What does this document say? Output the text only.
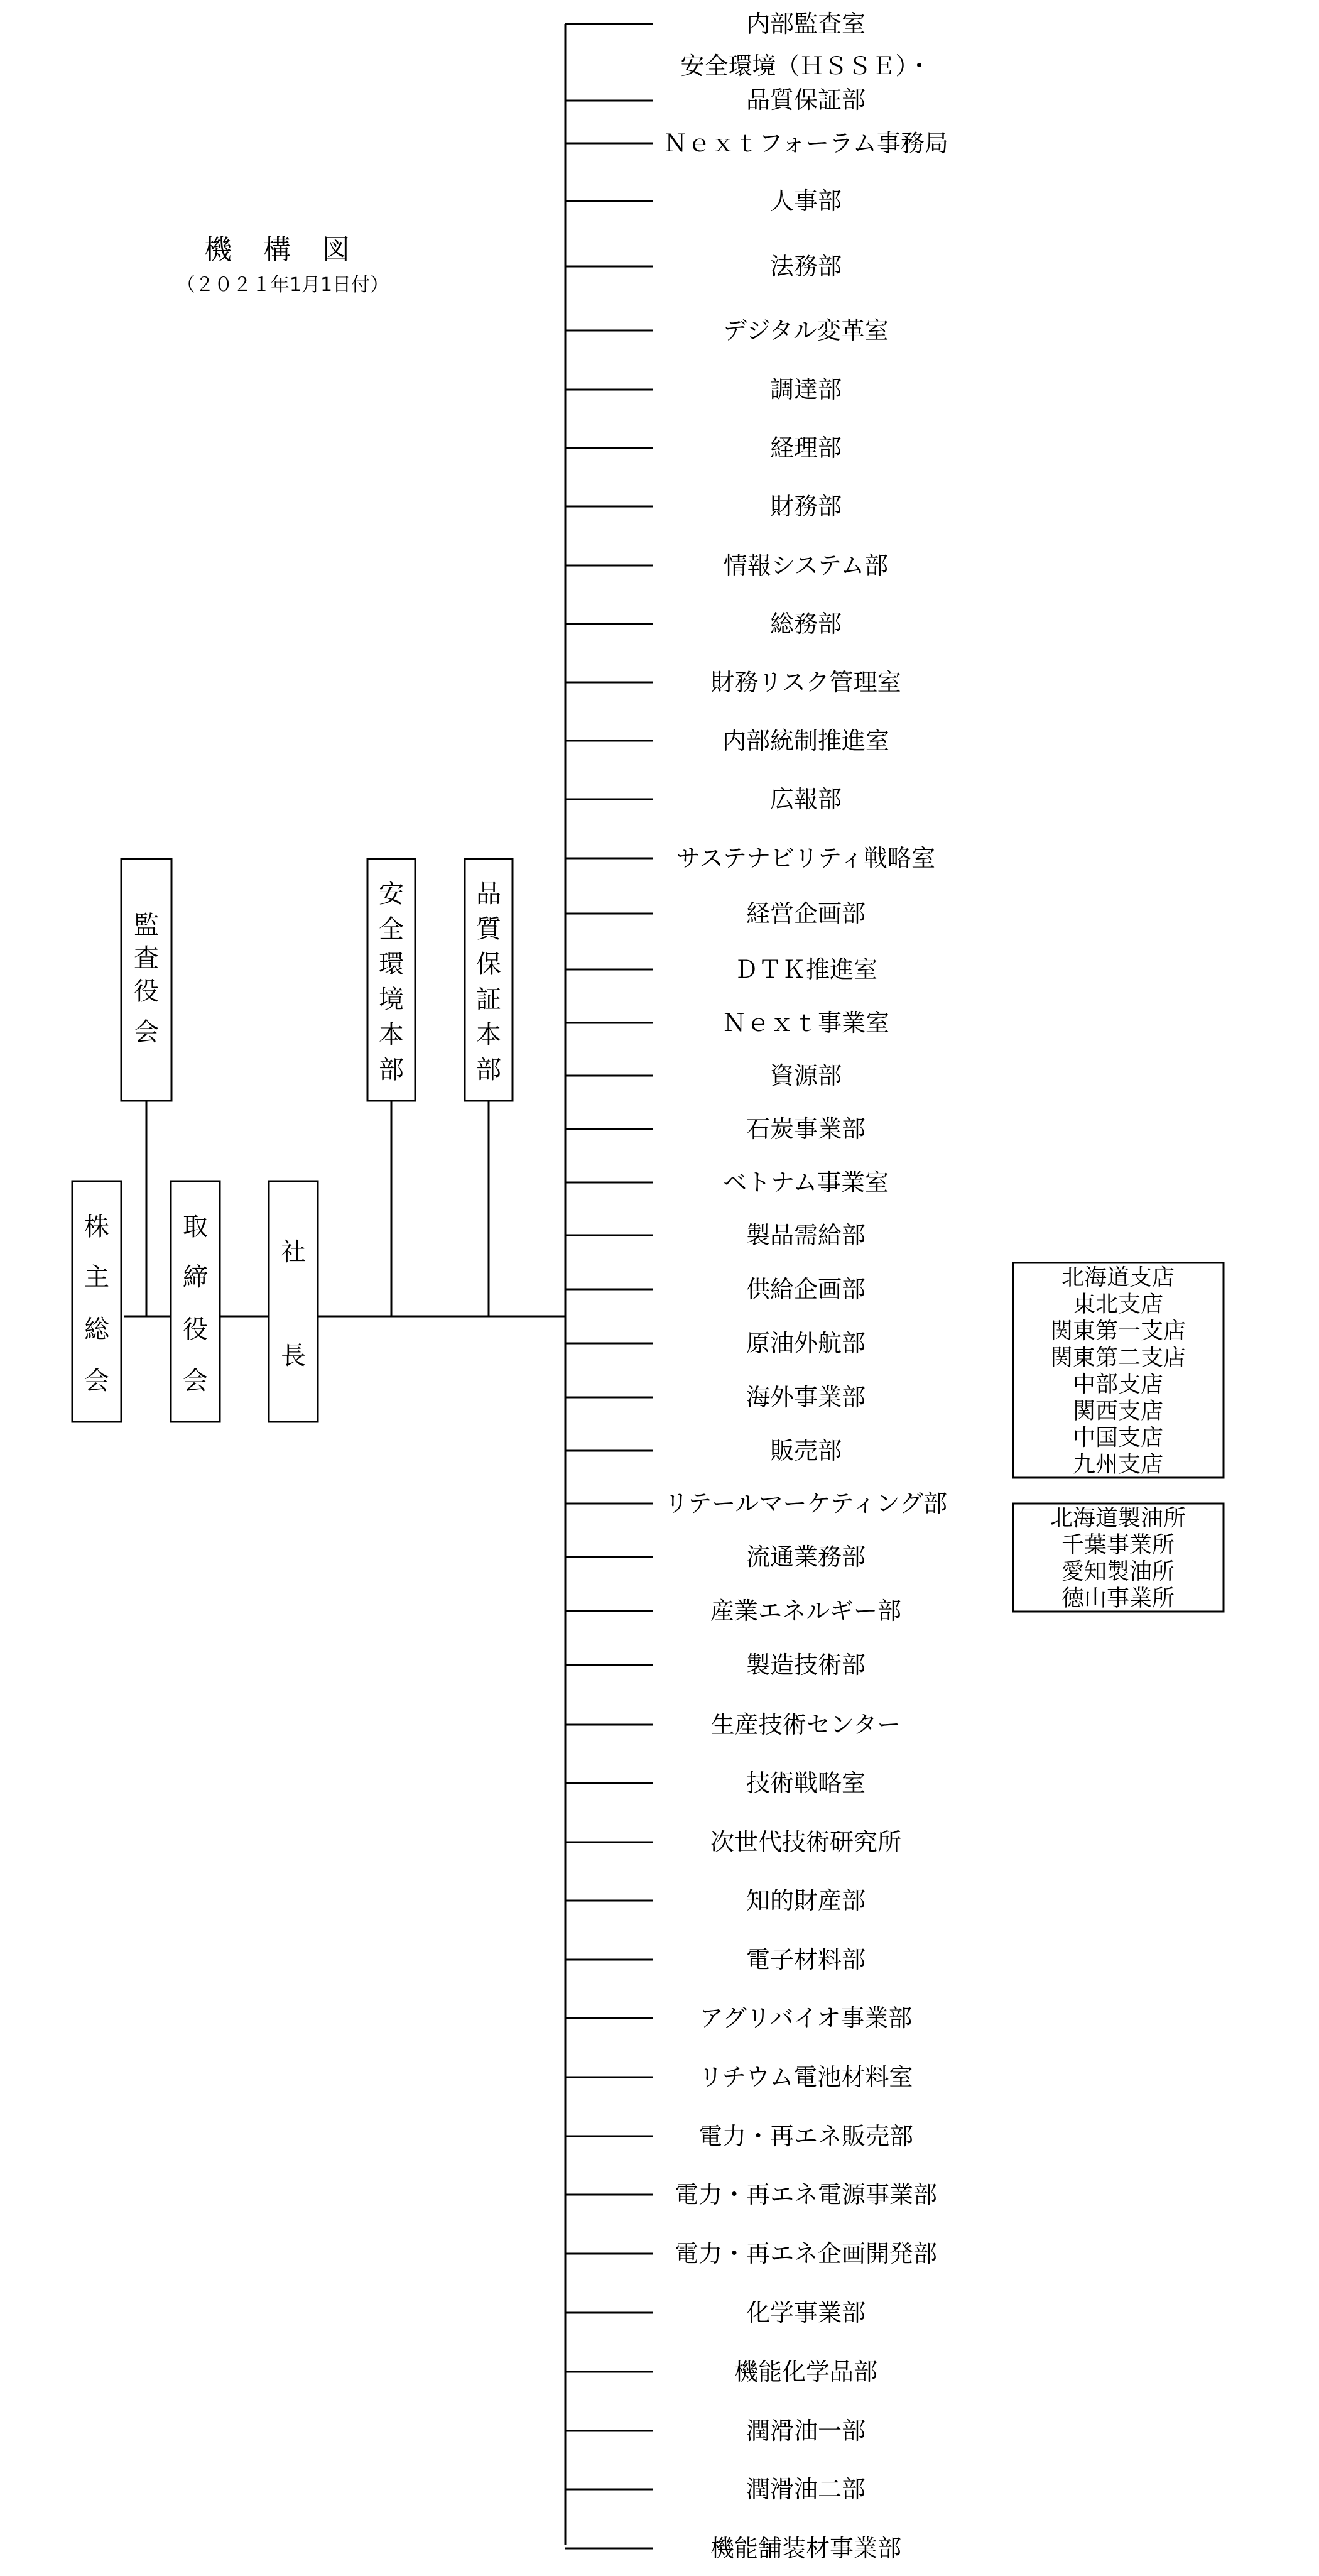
機 構 図
（２０２１年1月1日付）
株
主
総
会
監
査
役
会
取
締
役
会
社
長
安
全
環
境
本
部
品
質
保
証
本
部
内部監査室
安全環境（ＨＳＳＥ）・
品質保証部
Ｎｅｘｔフォーラム事務局
人事部
法務部
デジタル変革室
調達部
経理部
財務部
情報システム部
総務部
財務リスク管理室
内部統制推進室
広報部
サステナビリティ戦略室
経営企画部
ＤＴＫ推進室
Ｎｅｘｔ事業室
資源部
石炭事業部
ベトナム事業室
製品需給部
供給企画部
原油外航部
海外事業部
販売部
リテールマーケティング部
流通業務部
産業エネルギー部
製造技術部
生産技術センター
技術戦略室
次世代技術研究所
知的財産部
電子材料部
アグリバイオ事業部
リチウム電池材料室
電力・再エネ販売部
電力・再エネ電源事業部
電力・再エネ企画開発部
化学事業部
機能化学品部
潤滑油一部
潤滑油二部
機能舗装材事業部
北海道支店
東北支店
関東第一支店
関東第二支店
中部支店
関西支店
中国支店
九州支店
北海道製油所
千葉事業所
愛知製油所
徳山事業所
